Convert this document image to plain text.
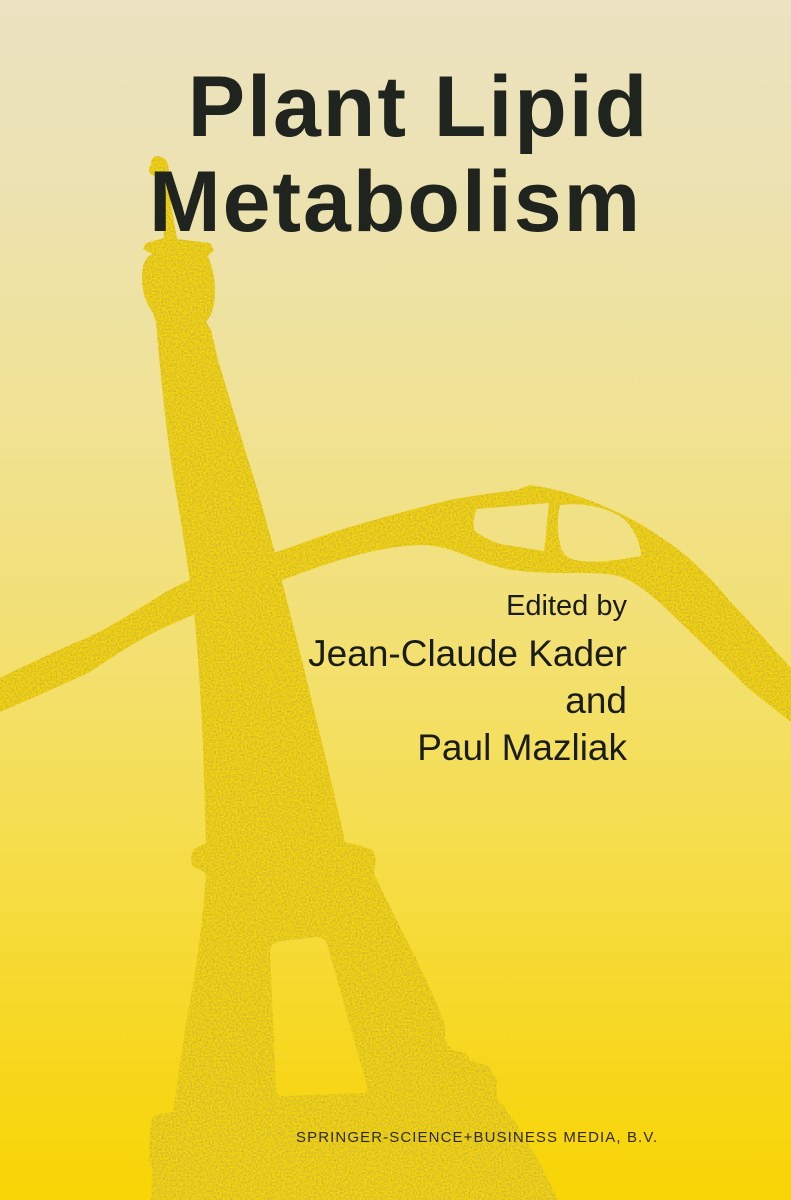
Plant Lipid
Metabolism
Edited by
Jean-Claude Kader
and
Paul Mazliak
SPRINGER-SCIENCE+BUSINESS MEDIA, B.V.
